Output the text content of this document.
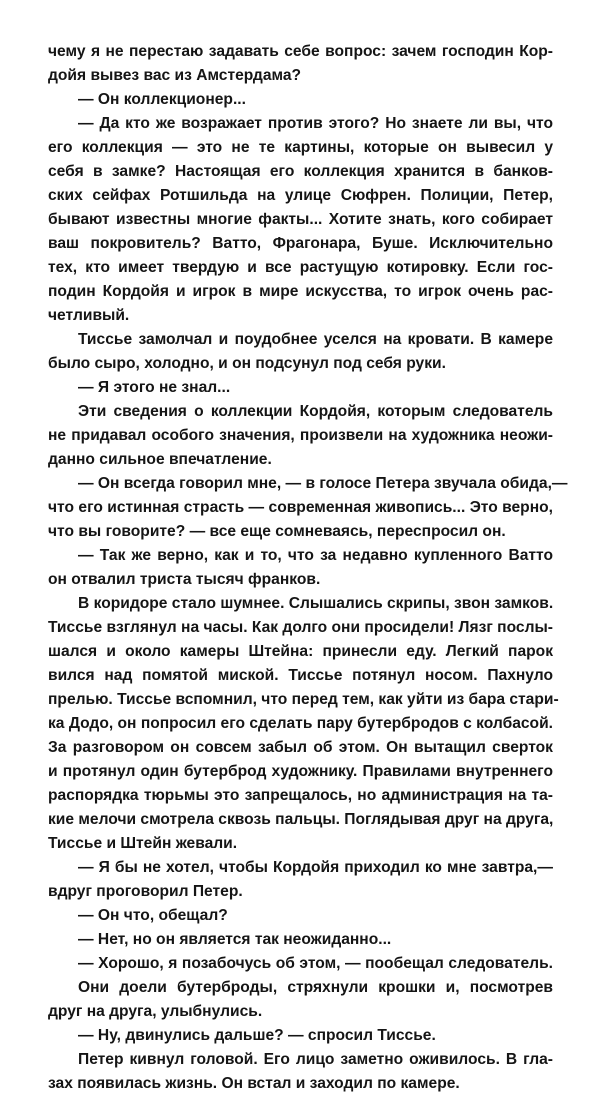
чему я не перестаю задавать себе вопрос: зачем господин Кор-
дойя вывез вас из Амстердама?
— Он коллекционер...
— Да кто же возражает против этого? Но знаете ли вы, что
его коллекция — это не те картины, которые он вывесил у
себя в замке? Настоящая его коллекция хранится в банков-
ских сейфах Ротшильда на улице Сюфрен. Полиции, Петер,
бывают известны многие факты... Хотите знать, кого собирает
ваш покровитель? Ватто, Фрагонара, Буше. Исключительно
тех, кто имеет твердую и все растущую котировку. Если гос-
подин Кордойя и игрок в мире искусства, то игрок очень рас-
четливый.
Тиссье замолчал и поудобнее уселся на кровати. В камере
было сыро, холодно, и он подсунул под себя руки.
— Я этого не знал...
Эти сведения о коллекции Кордойя, которым следователь
не придавал особого значения, произвели на художника неожи-
данно сильное впечатление.
— Он всегда говорил мне, — в голосе Петера звучала обида,—
что его истинная страсть — современная живопись... Это верно,
что вы говорите? — все еще сомневаясь, переспросил он.
— Так же верно, как и то, что за недавно купленного Ватто
он отвалил триста тысяч франков.
В коридоре стало шумнее. Слышались скрипы, звон замков.
Тиссье взглянул на часы. Как долго они просидели! Лязг послы-
шался и около камеры Штейна: принесли еду. Легкий парок
вился над помятой миской. Тиссье потянул носом. Пахнуло
прелью. Тиссье вспомнил, что перед тем, как уйти из бара стари-
ка Додо, он попросил его сделать пару бутербродов с колбасой.
За разговором он совсем забыл об этом. Он вытащил сверток
и протянул один бутерброд художнику. Правилами внутреннего
распорядка тюрьмы это запрещалось, но администрация на та-
кие мелочи смотрела сквозь пальцы. Поглядывая друг на друга,
Тиссье и Штейн жевали.
— Я бы не хотел, чтобы Кордойя приходил ко мне завтра,—
вдруг проговорил Петер.
— Он что, обещал?
— Нет, но он является так неожиданно...
— Хорошо, я позабочусь об этом, — пообещал следователь.
Они доели бутерброды, стряхнули крошки и, посмотрев
друг на друга, улыбнулись.
— Ну, двинулись дальше? — спросил Тиссье.
Петер кивнул головой. Его лицо заметно оживилось. В гла-
зах появилась жизнь. Он встал и заходил по камере.
